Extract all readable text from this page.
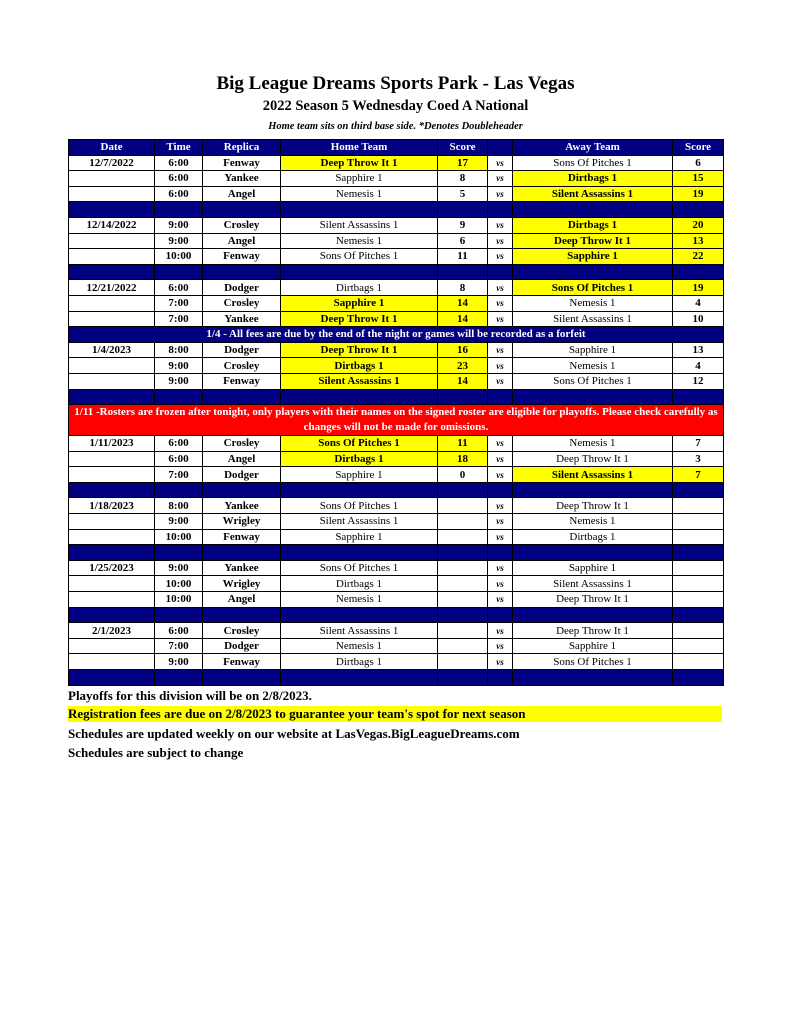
Big League Dreams Sports Park - Las Vegas
2022 Season 5 Wednesday Coed A National
Home team sits on third base side. *Denotes Doubleheader
Date	Time	Replica	Home Team	Score		Away Team	Score
12/7/2022	6:00	Fenway	Deep Throw It 1	17	vs	Sons Of Pitches 1	6
	6:00	Yankee	Sapphire 1	8	vs	Dirtbags 1	15
	6:00	Angel	Nemesis 1	5	vs	Silent Assassins 1	19

12/14/2022	9:00	Crosley	Silent Assassins 1	9	vs	Dirtbags 1	20
	9:00	Angel	Nemesis 1	6	vs	Deep Throw It 1	13
	10:00	Fenway	Sons Of Pitches 1	11	vs	Sapphire 1	22

12/21/2022	6:00	Dodger	Dirtbags 1	8	vs	Sons Of Pitches 1	19
	7:00	Crosley	Sapphire 1	14	vs	Nemesis 1	4
	7:00	Yankee	Deep Throw It 1	14	vs	Silent Assassins 1	10
1/4 - All fees are due by the end of the night or games will be recorded as a forfeit							
1/4/2023	8:00	Dodger	Deep Throw It 1	16	vs	Sapphire 1	13
	9:00	Crosley	Dirtbags 1	23	vs	Nemesis 1	4
	9:00	Fenway	Silent Assassins 1	14	vs	Sons Of Pitches 1	12

1/11 -Rosters are frozen after tonight, only players with their names on the signed roster are eligible for playoffs. Please check carefully as changes will not be made for omissions.							
1/11/2023	6:00	Crosley	Sons Of Pitches 1	11	vs	Nemesis 1	7
	6:00	Angel	Dirtbags 1	18	vs	Deep Throw It 1	3
	7:00	Dodger	Sapphire 1	0	vs	Silent Assassins 1	7

1/18/2023	8:00	Yankee	Sons Of Pitches 1		vs	Deep Throw It 1	
	9:00	Wrigley	Silent Assassins 1		vs	Nemesis 1	
	10:00	Fenway	Sapphire 1		vs	Dirtbags 1	

1/25/2023	9:00	Yankee	Sons Of Pitches 1		vs	Sapphire 1	
	10:00	Wrigley	Dirtbags 1		vs	Silent Assassins 1	
	10:00	Angel	Nemesis 1		vs	Deep Throw It 1	

2/1/2023	6:00	Crosley	Silent Assassins 1		vs	Deep Throw It 1	
	7:00	Dodger	Nemesis 1		vs	Sapphire 1	
	9:00	Fenway	Dirtbags 1		vs	Sons Of Pitches 1	

Playoffs for this division will be on 2/8/2023.
Registration fees are due on 2/8/2023 to guarantee your team's spot for next season
Schedules are updated weekly on our website at LasVegas.BigLeagueDreams.com
Schedules are subject to change
